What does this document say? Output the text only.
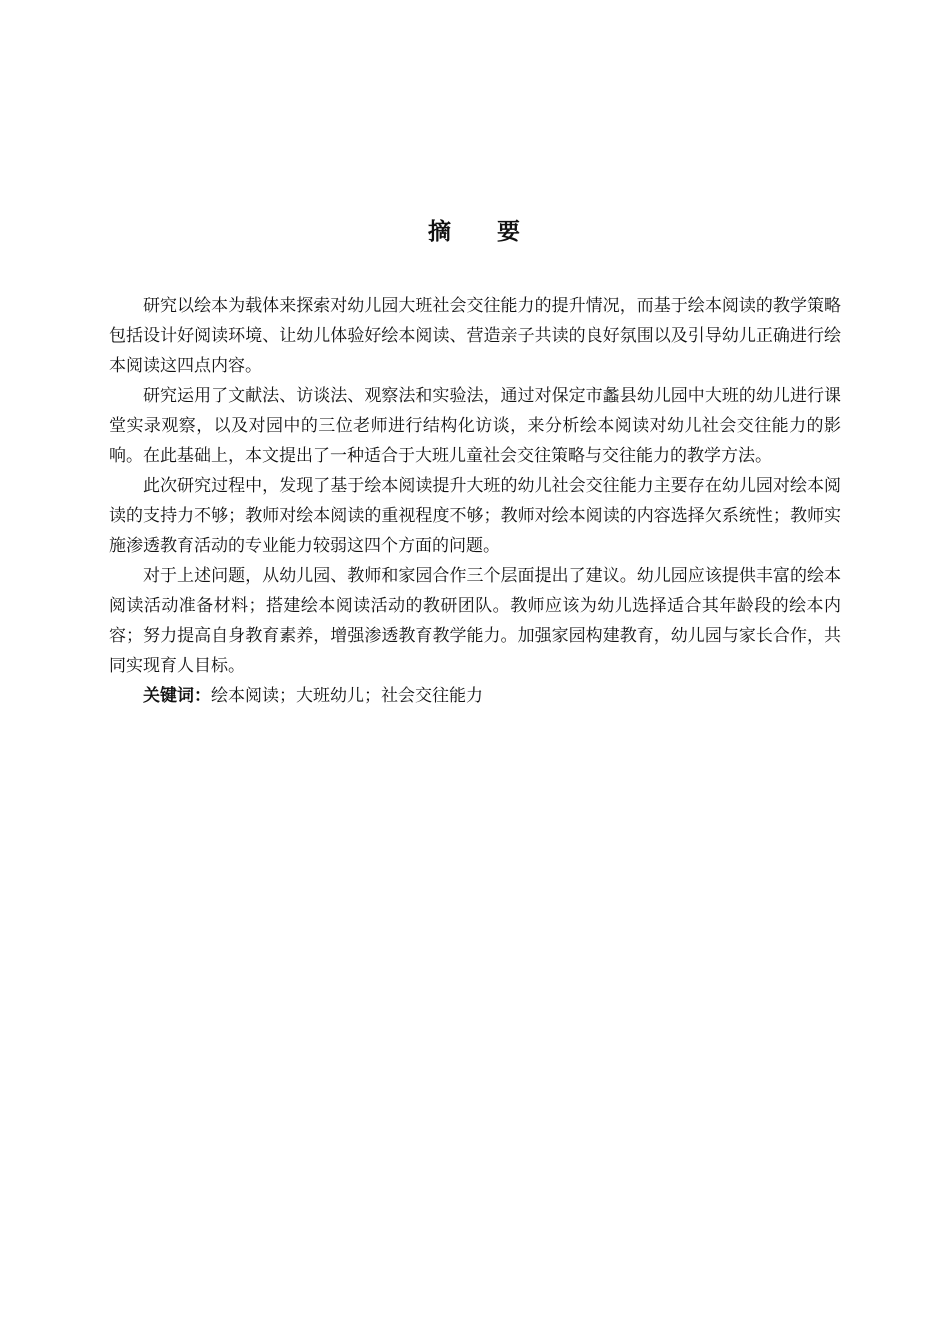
摘 要

研究以绘本为载体来探索对幼儿园大班社会交往能力的提升情况，而基于绘本阅读的教学策略包括设计好阅读环境、让幼儿体验好绘本阅读、营造亲子共读的良好氛围以及引导幼儿正确进行绘本阅读这四点内容。

研究运用了文献法、访谈法、观察法和实验法，通过对保定市蠡县幼儿园中大班的幼儿进行课堂实录观察，以及对园中的三位老师进行结构化访谈，来分析绘本阅读对幼儿社会交往能力的影响。在此基础上，本文提出了一种适合于大班儿童社会交往策略与交往能力的教学方法。

此次研究过程中，发现了基于绘本阅读提升大班的幼儿社会交往能力主要存在幼儿园对绘本阅读的支持力不够；教师对绘本阅读的重视程度不够；教师对绘本阅读的内容选择欠系统性；教师实施渗透教育活动的专业能力较弱这四个方面的问题。

对于上述问题，从幼儿园、教师和家园合作三个层面提出了建议。幼儿园应该提供丰富的绘本阅读活动准备材料；搭建绘本阅读活动的教研团队。教师应该为幼儿选择适合其年龄段的绘本内容；努力提高自身教育素养，增强渗透教育教学能力。加强家园构建教育，幼儿园与家长合作，共同实现育人目标。

关键词：绘本阅读；大班幼儿；社会交往能力
